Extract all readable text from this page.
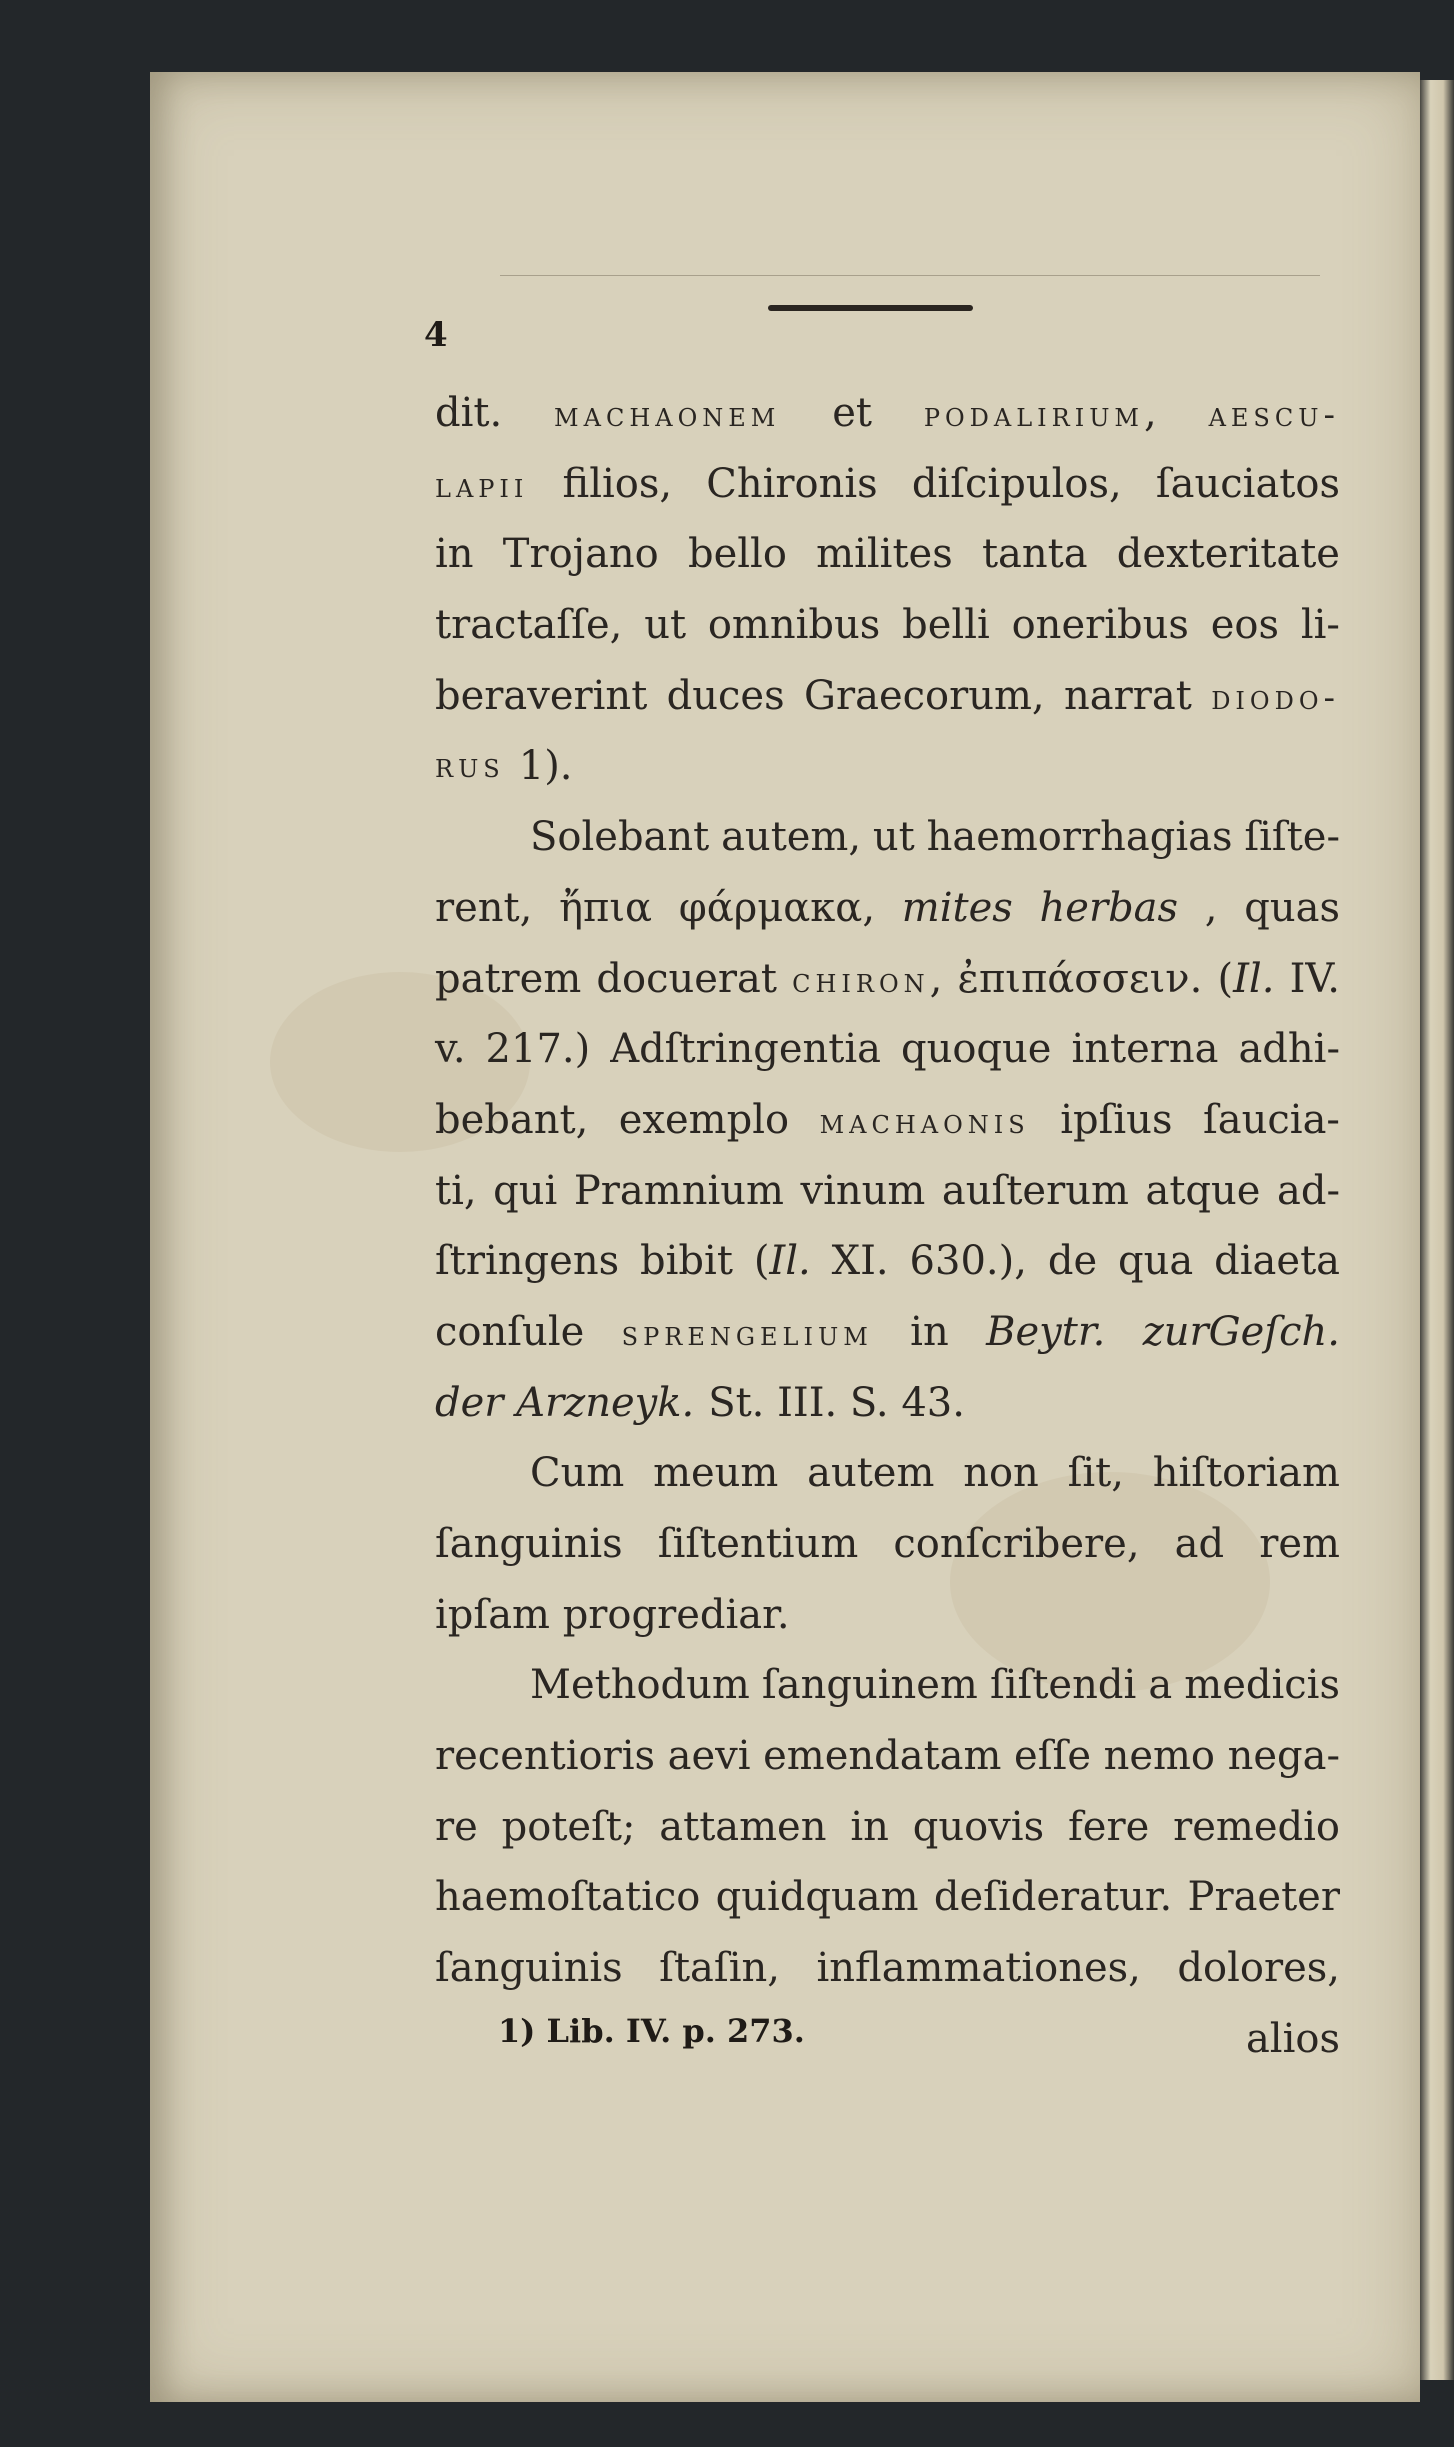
4
dit. machaonem et podalirium, aescu-
lapii filios, Chironis diſcipulos, ſauciatos
in Trojano bello milites tanta dexteritate
tractaſſe, ut omnibus belli oneribus eos li-
beraverint duces Graecorum, narrat diodo-
rus 1).
Solebant autem, ut haemorrhagias ſiſte-
rent, ἤπια φάρμακα, mites herbas , quas
patrem docuerat chiron, ἐπιπάσσειν. (Il. IV.
v. 217.) Adſtringentia quoque interna adhi-
bebant, exemplo machaonis ipſius ſaucia-
ti, qui Pramnium vinum auſterum atque ad-
ſtringens bibit (Il. XI. 630.), de qua diaeta
conſule sprengelium in Beytr. zurGeſch.
der Arzneyk. St. III. S. 43.
Cum meum autem non ſit, hiſtoriam
ſanguinis ſiſtentium conſcribere, ad rem
ipſam progrediar.
Methodum ſanguinem ſiſtendi a medicis
recentioris aevi emendatam eſſe nemo nega-
re poteſt; attamen in quovis fere remedio
haemoſtatico quidquam deſideratur. Praeter
ſanguinis ſtaſin, inflammationes, dolores,
alios
1) Lib. IV. p. 273.
